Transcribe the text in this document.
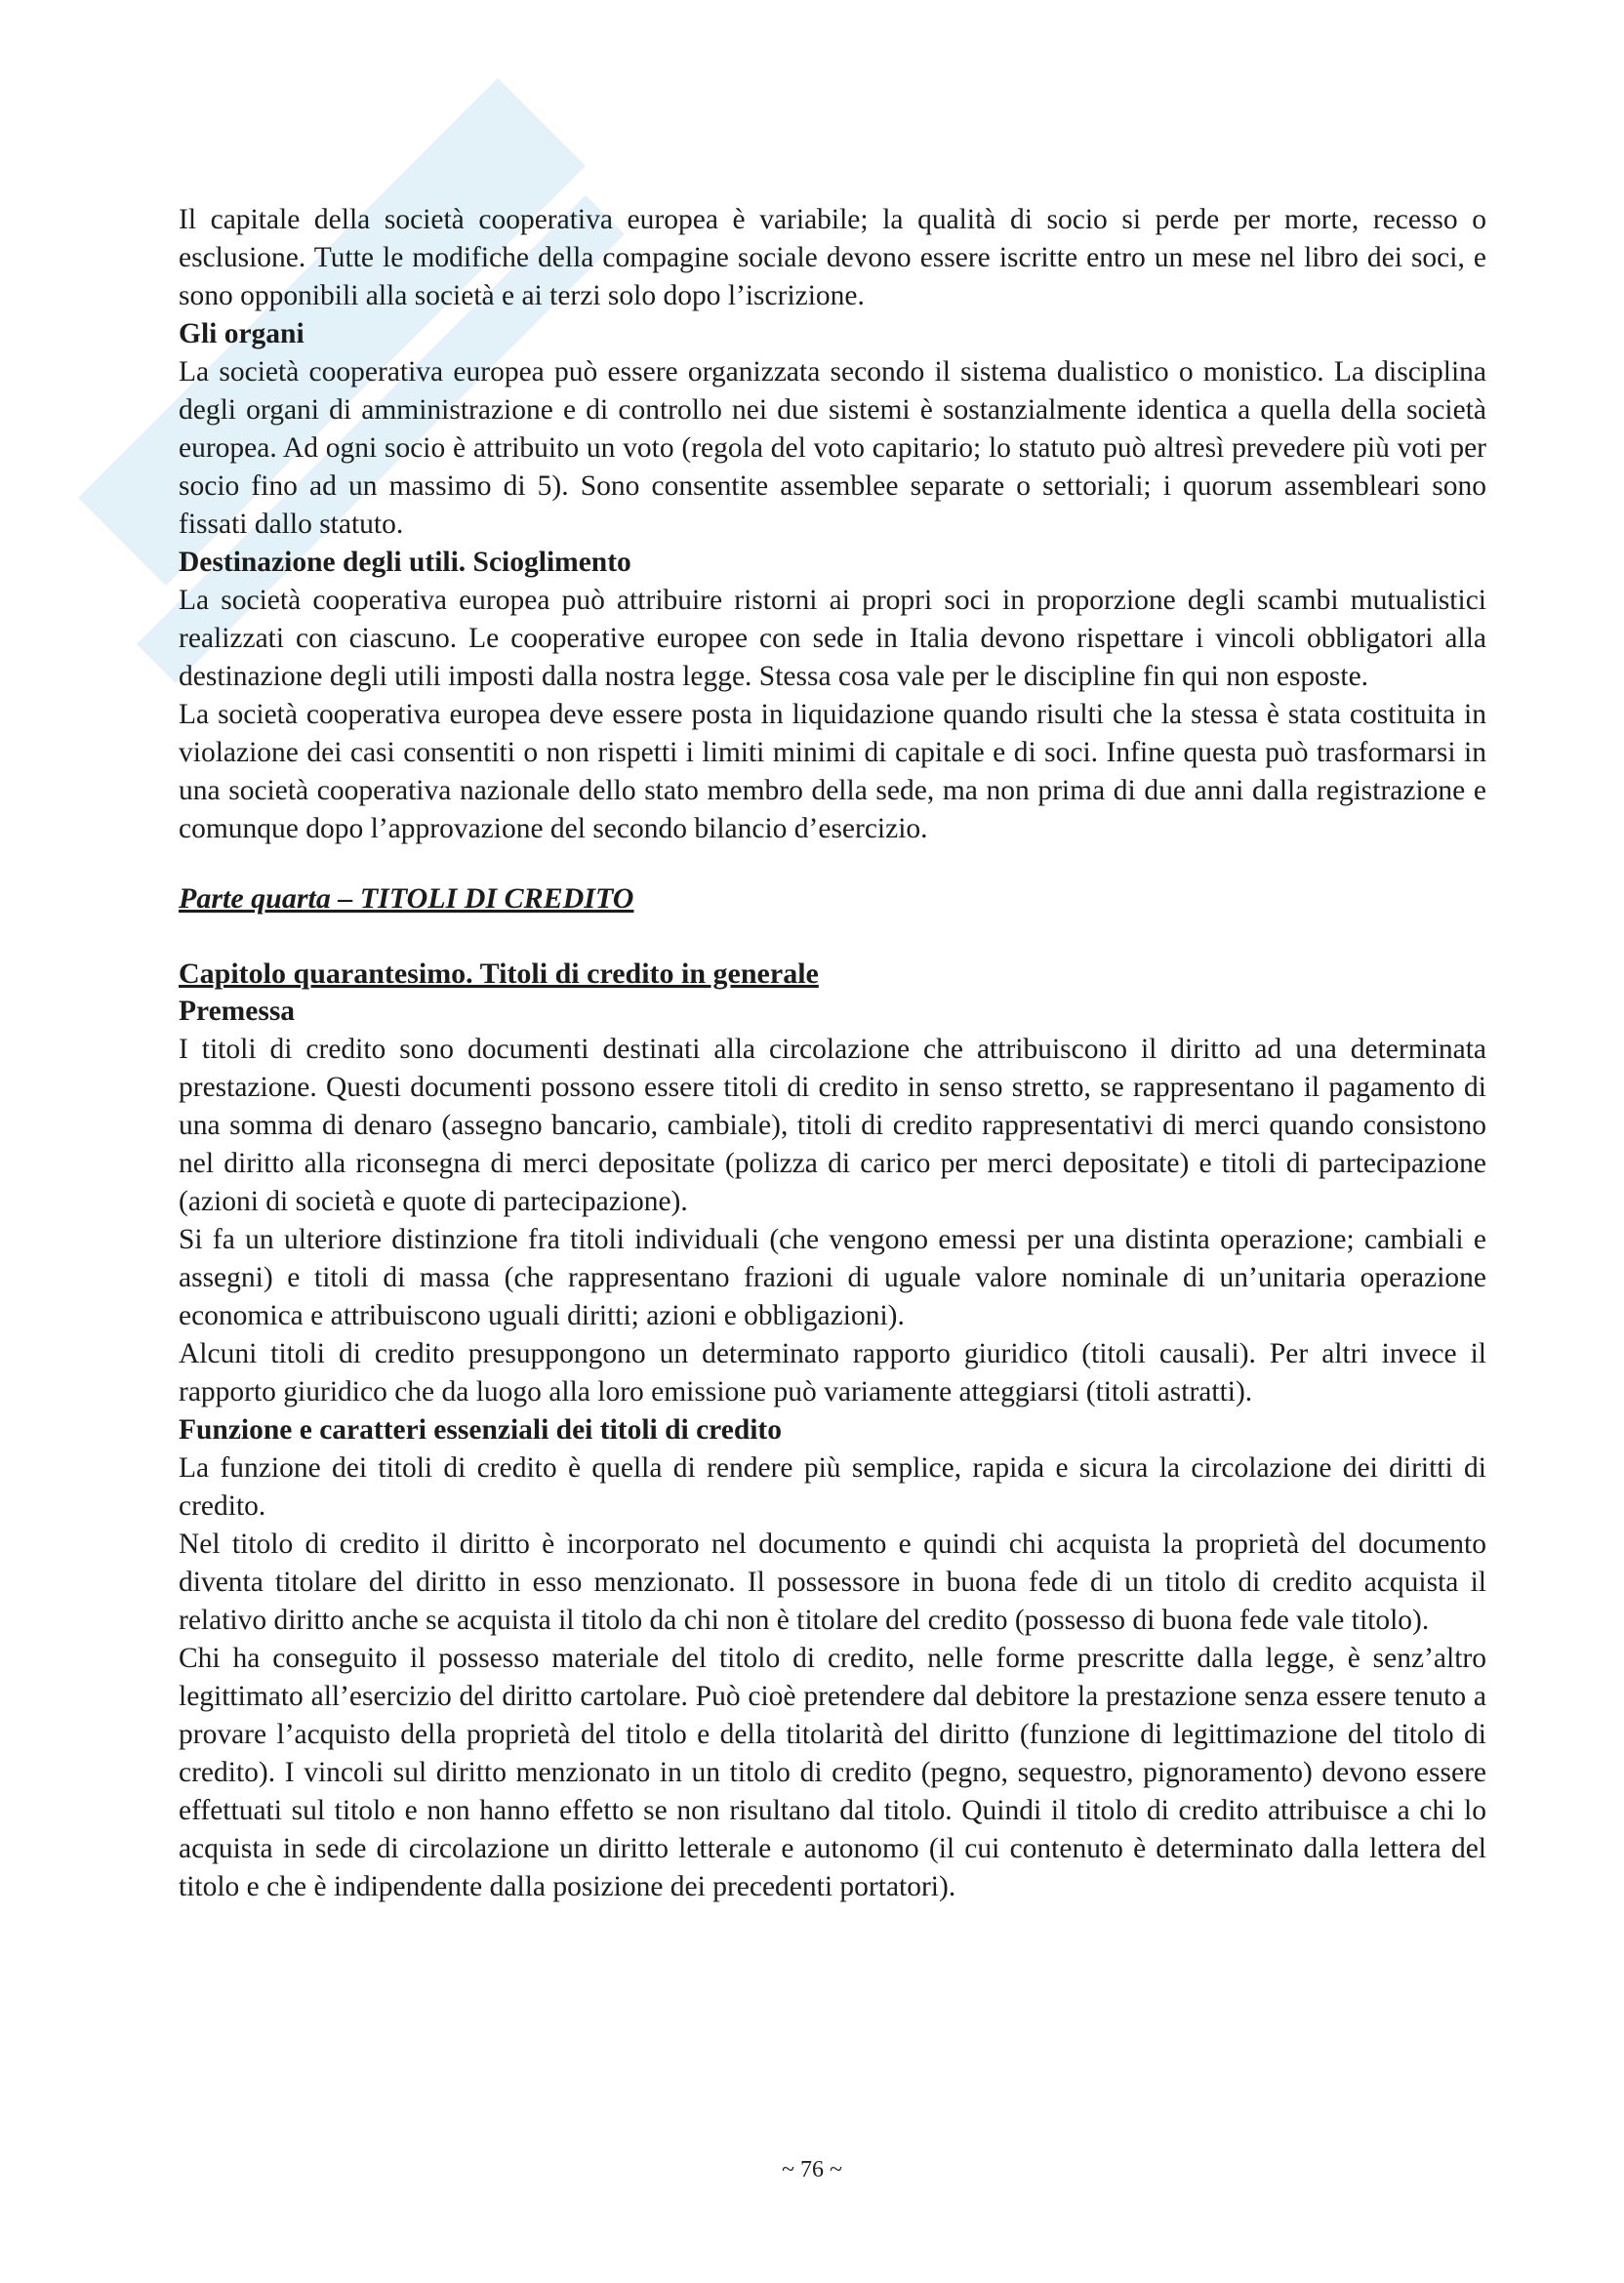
Il capitale della società cooperativa europea è variabile; la qualità di socio si perde per morte, recesso o esclusione. Tutte le modifiche della compagine sociale devono essere iscritte entro un mese nel libro dei soci, e sono opponibili alla società e ai terzi solo dopo l’iscrizione.

Gli organi

La società cooperativa europea può essere organizzata secondo il sistema dualistico o monistico. La disciplina degli organi di amministrazione e di controllo nei due sistemi è sostanzialmente identica a quella della società europea. Ad ogni socio è attribuito un voto (regola del voto capitario; lo statuto può altresì prevedere più voti per socio fino ad un massimo di 5). Sono consentite assemblee separate o settoriali; i quorum assembleari sono fissati dallo statuto.

Destinazione degli utili. Scioglimento

La società cooperativa europea può attribuire ristorni ai propri soci in proporzione degli scambi mutualistici realizzati con ciascuno. Le cooperative europee con sede in Italia devono rispettare i vincoli obbligatori alla destinazione degli utili imposti dalla nostra legge. Stessa cosa vale per le discipline fin qui non esposte.

La società cooperativa europea deve essere posta in liquidazione quando risulti che la stessa è stata costituita in violazione dei casi consentiti o non rispetti i limiti minimi di capitale e di soci. Infine questa può trasformarsi in una società cooperativa nazionale dello stato membro della sede, ma non prima di due anni dalla registrazione e comunque dopo l’approvazione del secondo bilancio d’esercizio.

Parte quarta – TITOLI DI CREDITO
Capitolo quarantesimo. Titoli di credito in generale
Premessa

I titoli di credito sono documenti destinati alla circolazione che attribuiscono il diritto ad una determinata prestazione. Questi documenti possono essere titoli di credito in senso stretto, se rappresentano il pagamento di una somma di denaro (assegno bancario, cambiale), titoli di credito rappresentativi di merci quando consistono nel diritto alla riconsegna di merci depositate (polizza di carico per merci depositate) e titoli di partecipazione (azioni di società e quote di partecipazione).

Si fa un ulteriore distinzione fra titoli individuali (che vengono emessi per una distinta operazione; cambiali e assegni) e titoli di massa (che rappresentano frazioni di uguale valore nominale di un’unitaria operazione economica e attribuiscono uguali diritti; azioni e obbligazioni).

Alcuni titoli di credito presuppongono un determinato rapporto giuridico (titoli causali). Per altri invece il rapporto giuridico che da luogo alla loro emissione può variamente atteggiarsi (titoli astratti).

Funzione e caratteri essenziali dei titoli di credito

La funzione dei titoli di credito è quella di rendere più semplice, rapida e sicura la circolazione dei diritti di credito.

Nel titolo di credito il diritto è incorporato nel documento e quindi chi acquista la proprietà del documento diventa titolare del diritto in esso menzionato. Il possessore in buona fede di un titolo di credito acquista il relativo diritto anche se acquista il titolo da chi non è titolare del credito (possesso di buona fede vale titolo).

Chi ha conseguito il possesso materiale del titolo di credito, nelle forme prescritte dalla legge, è senz’altro legittimato all’esercizio del diritto cartolare. Può cioè pretendere dal debitore la prestazione senza essere tenuto a provare l’acquisto della proprietà del titolo e della titolarità del diritto (funzione di legittimazione del titolo di credito). I vincoli sul diritto menzionato in un titolo di credito (pegno, sequestro, pignoramento) devono essere effettuati sul titolo e non hanno effetto se non risultano dal titolo. Quindi il titolo di credito attribuisce a chi lo acquista in sede di circolazione un diritto letterale e autonomo (il cui contenuto è determinato dalla lettera del titolo e che è indipendente dalla posizione dei precedenti portatori).

~ 76 ~
